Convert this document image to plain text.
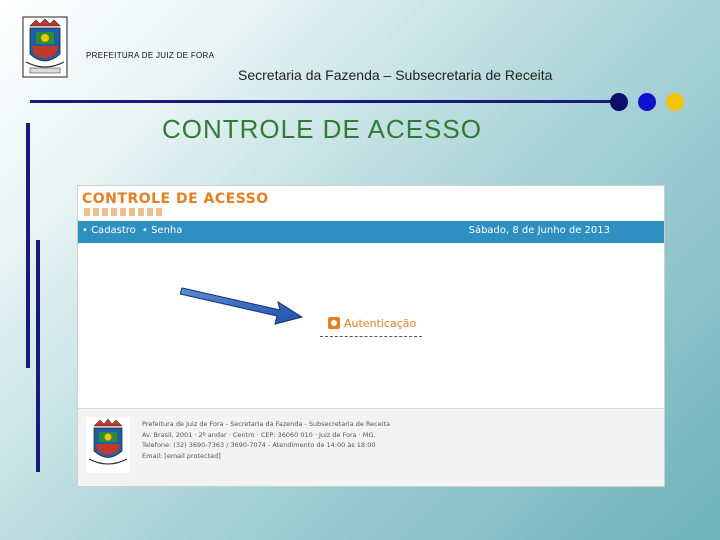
PREFEITURA DE JUIZ DE FORA
Secretaria da Fazenda – Subsecretaria de Receita
CONTROLE DE ACESSO
CONTROLE DE ACESSO
• Cadastro • Senha	Sábado, 8 de Junho de 2013
Autenticação
Prefeitura de Juiz de Fora - Secretaria da Fazenda - Subsecretaria de Receita
Av. Brasil, 2001 · 2º andar · Centro · CEP: 36060 010 · Juiz de Fora · MG.
Telefone: (32) 3690-7363 / 3690-7074 - Atendimento de 14:00 às 18:00
Email: [email protected]
